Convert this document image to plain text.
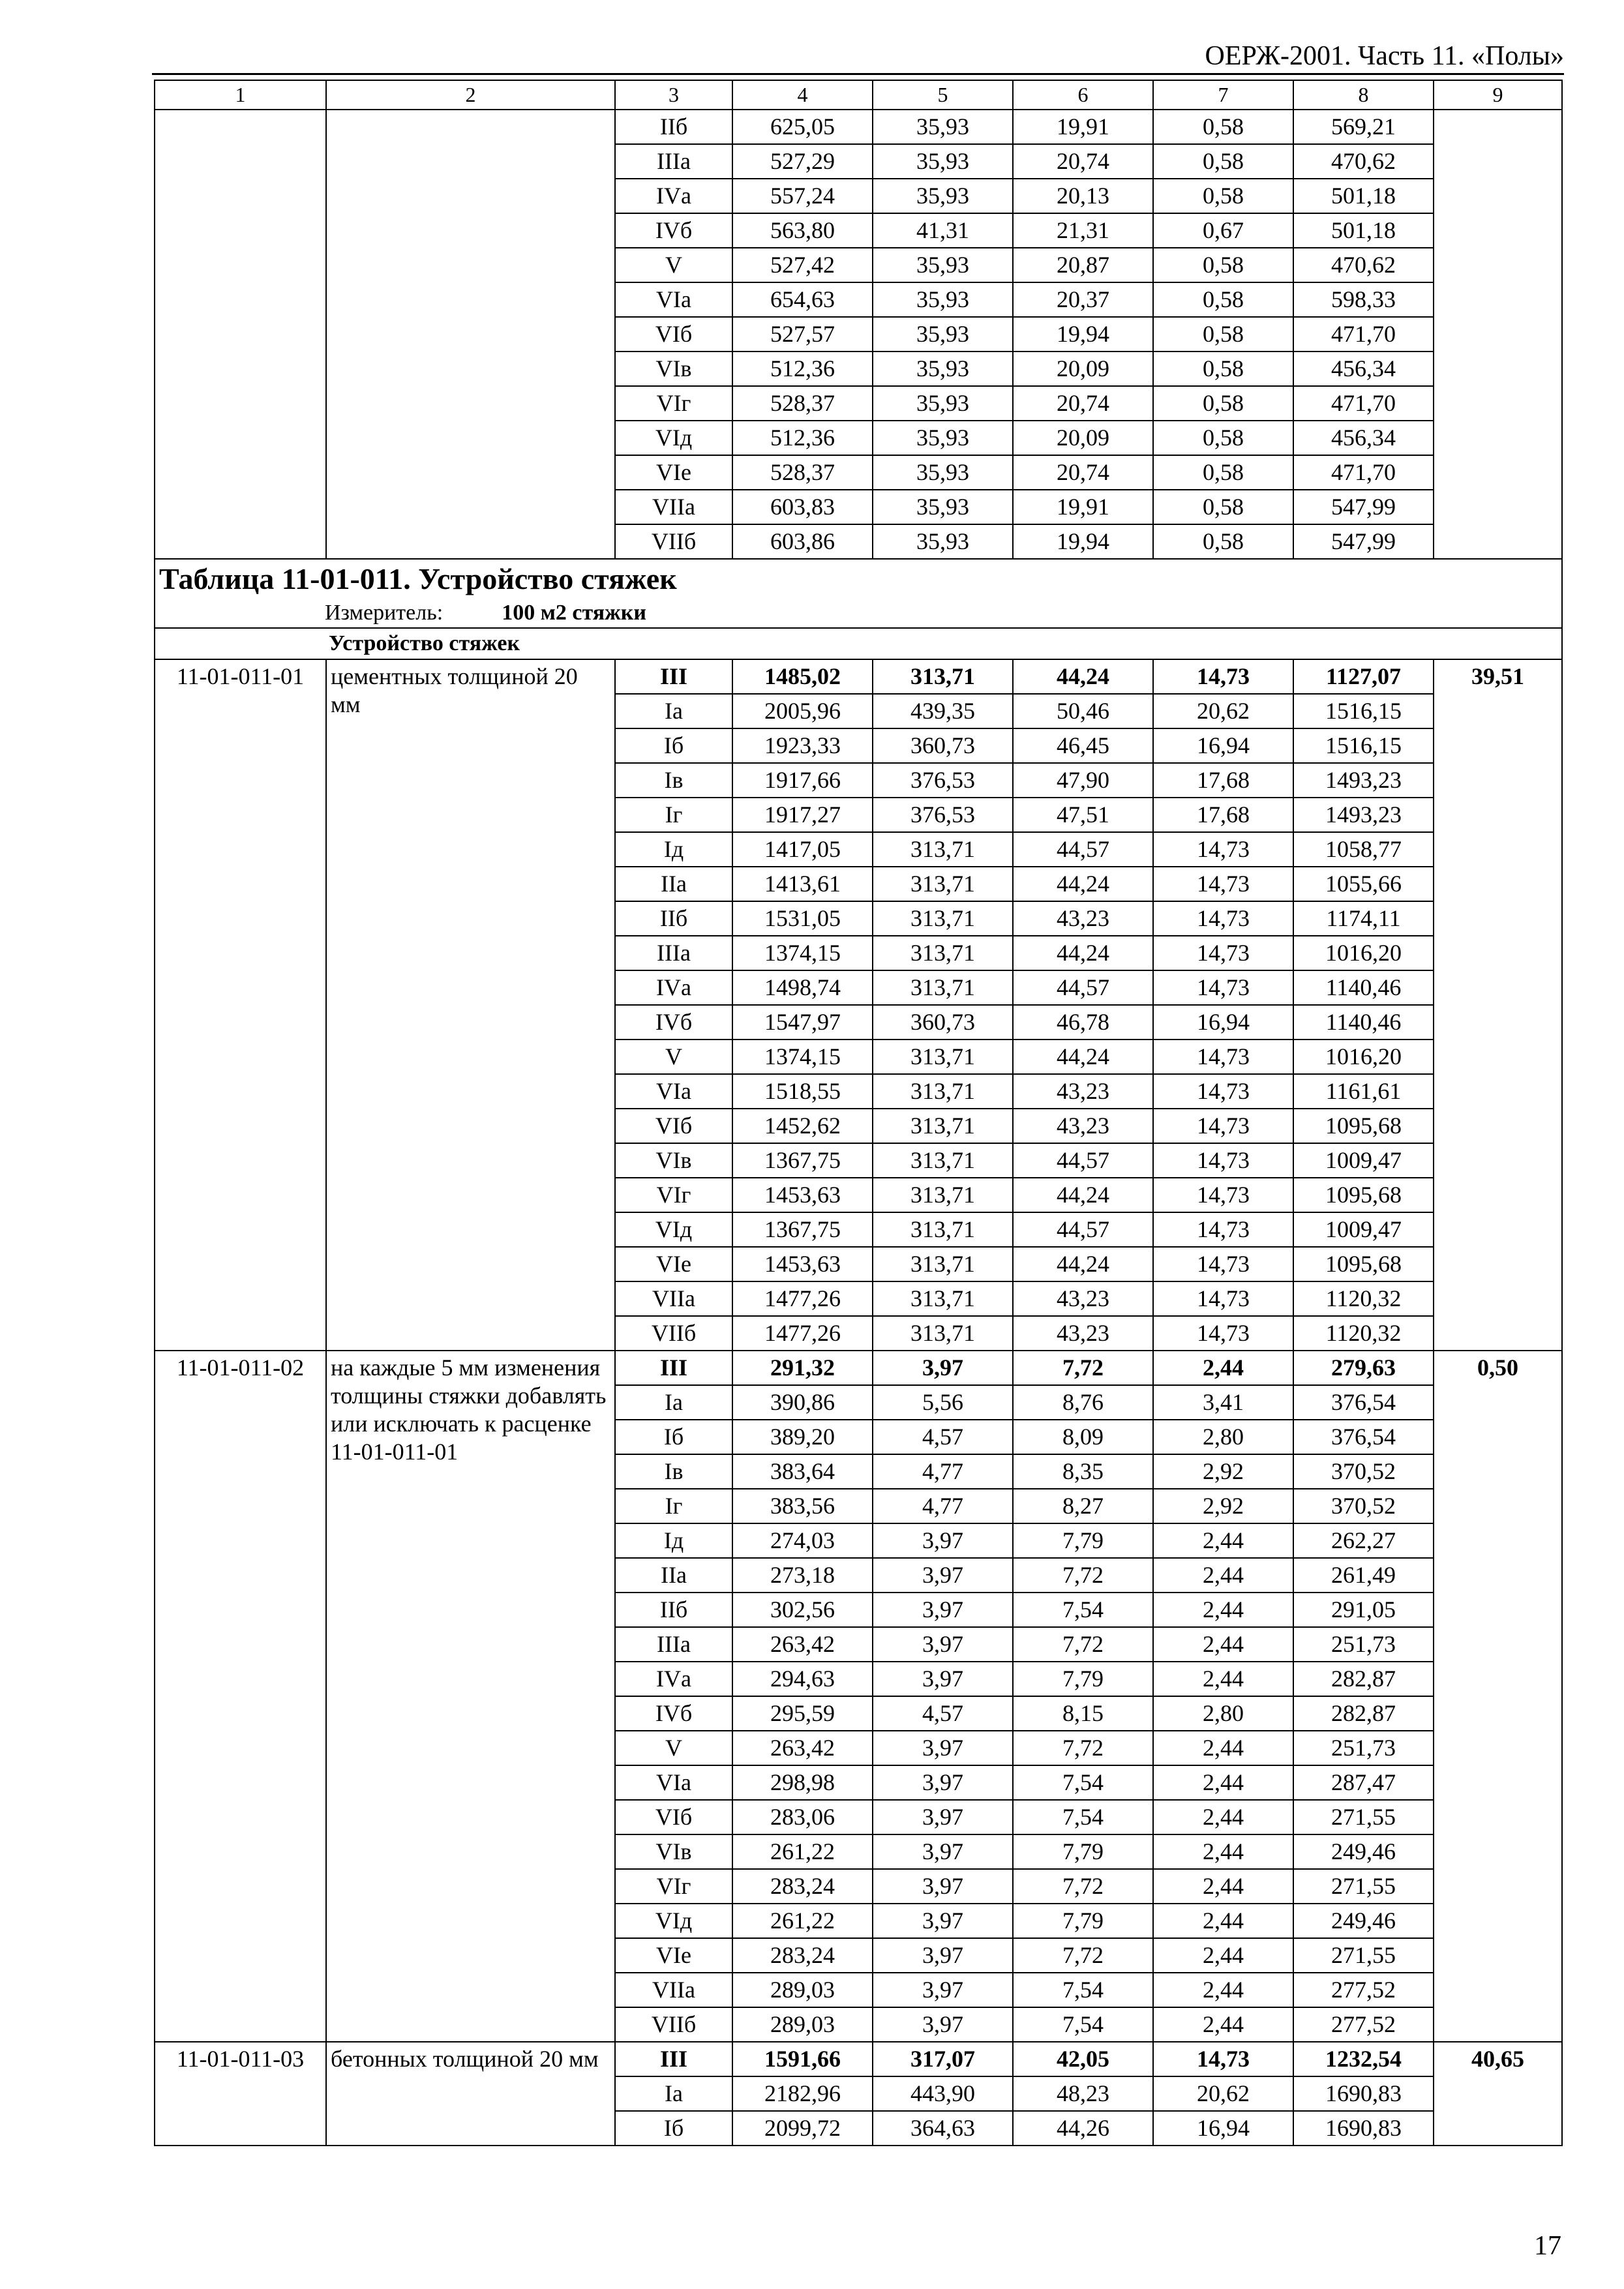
ОЕРЖ-2001. Часть 11. «Полы»
1	2	3	4	5	6	7	8	9
		IIб	625,05	35,93	19,91	0,58	569,21	
		IIIа	527,29	35,93	20,74	0,58	470,62	
		IVа	557,24	35,93	20,13	0,58	501,18	
		IVб	563,80	41,31	21,31	0,67	501,18	
		V	527,42	35,93	20,87	0,58	470,62	
		VIа	654,63	35,93	20,37	0,58	598,33	
		VIб	527,57	35,93	19,94	0,58	471,70	
		VIв	512,36	35,93	20,09	0,58	456,34	
		VIг	528,37	35,93	20,74	0,58	471,70	
		VIд	512,36	35,93	20,09	0,58	456,34	
		VIе	528,37	35,93	20,74	0,58	471,70	
		VIIа	603,83	35,93	19,91	0,58	547,99	
		VIIб	603,86	35,93	19,94	0,58	547,99	
Таблица 11-01-011. Устройство стяжек								
Измеритель: 100 м2 стяжки								
Устройство стяжек								
11-01-011-01	цементных толщиной 20 мм	III	1485,02	313,71	44,24	14,73	1127,07	39,51
		Iа	2005,96	439,35	50,46	20,62	1516,15	
		Iб	1923,33	360,73	46,45	16,94	1516,15	
		Iв	1917,66	376,53	47,90	17,68	1493,23	
		Iг	1917,27	376,53	47,51	17,68	1493,23	
		Iд	1417,05	313,71	44,57	14,73	1058,77	
		IIа	1413,61	313,71	44,24	14,73	1055,66	
		IIб	1531,05	313,71	43,23	14,73	1174,11	
		IIIа	1374,15	313,71	44,24	14,73	1016,20	
		IVа	1498,74	313,71	44,57	14,73	1140,46	
		IVб	1547,97	360,73	46,78	16,94	1140,46	
		V	1374,15	313,71	44,24	14,73	1016,20	
		VIа	1518,55	313,71	43,23	14,73	1161,61	
		VIб	1452,62	313,71	43,23	14,73	1095,68	
		VIв	1367,75	313,71	44,57	14,73	1009,47	
		VIг	1453,63	313,71	44,24	14,73	1095,68	
		VIд	1367,75	313,71	44,57	14,73	1009,47	
		VIе	1453,63	313,71	44,24	14,73	1095,68	
		VIIа	1477,26	313,71	43,23	14,73	1120,32	
		VIIб	1477,26	313,71	43,23	14,73	1120,32	
11-01-011-02	на каждые 5 мм изменения толщины стяжки добавлять или исключать к расценке 11-01-011-01	III	291,32	3,97	7,72	2,44	279,63	0,50
		Iа	390,86	5,56	8,76	3,41	376,54	
		Iб	389,20	4,57	8,09	2,80	376,54	
		Iв	383,64	4,77	8,35	2,92	370,52	
		Iг	383,56	4,77	8,27	2,92	370,52	
		Iд	274,03	3,97	7,79	2,44	262,27	
		IIа	273,18	3,97	7,72	2,44	261,49	
		IIб	302,56	3,97	7,54	2,44	291,05	
		IIIа	263,42	3,97	7,72	2,44	251,73	
		IVа	294,63	3,97	7,79	2,44	282,87	
		IVб	295,59	4,57	8,15	2,80	282,87	
		V	263,42	3,97	7,72	2,44	251,73	
		VIа	298,98	3,97	7,54	2,44	287,47	
		VIб	283,06	3,97	7,54	2,44	271,55	
		VIв	261,22	3,97	7,79	2,44	249,46	
		VIг	283,24	3,97	7,72	2,44	271,55	
		VIд	261,22	3,97	7,79	2,44	249,46	
		VIе	283,24	3,97	7,72	2,44	271,55	
		VIIа	289,03	3,97	7,54	2,44	277,52	
		VIIб	289,03	3,97	7,54	2,44	277,52	
11-01-011-03	бетонных толщиной 20 мм	III	1591,66	317,07	42,05	14,73	1232,54	40,65
		Iа	2182,96	443,90	48,23	20,62	1690,83	
		Iб	2099,72	364,63	44,26	16,94	1690,83	
17
